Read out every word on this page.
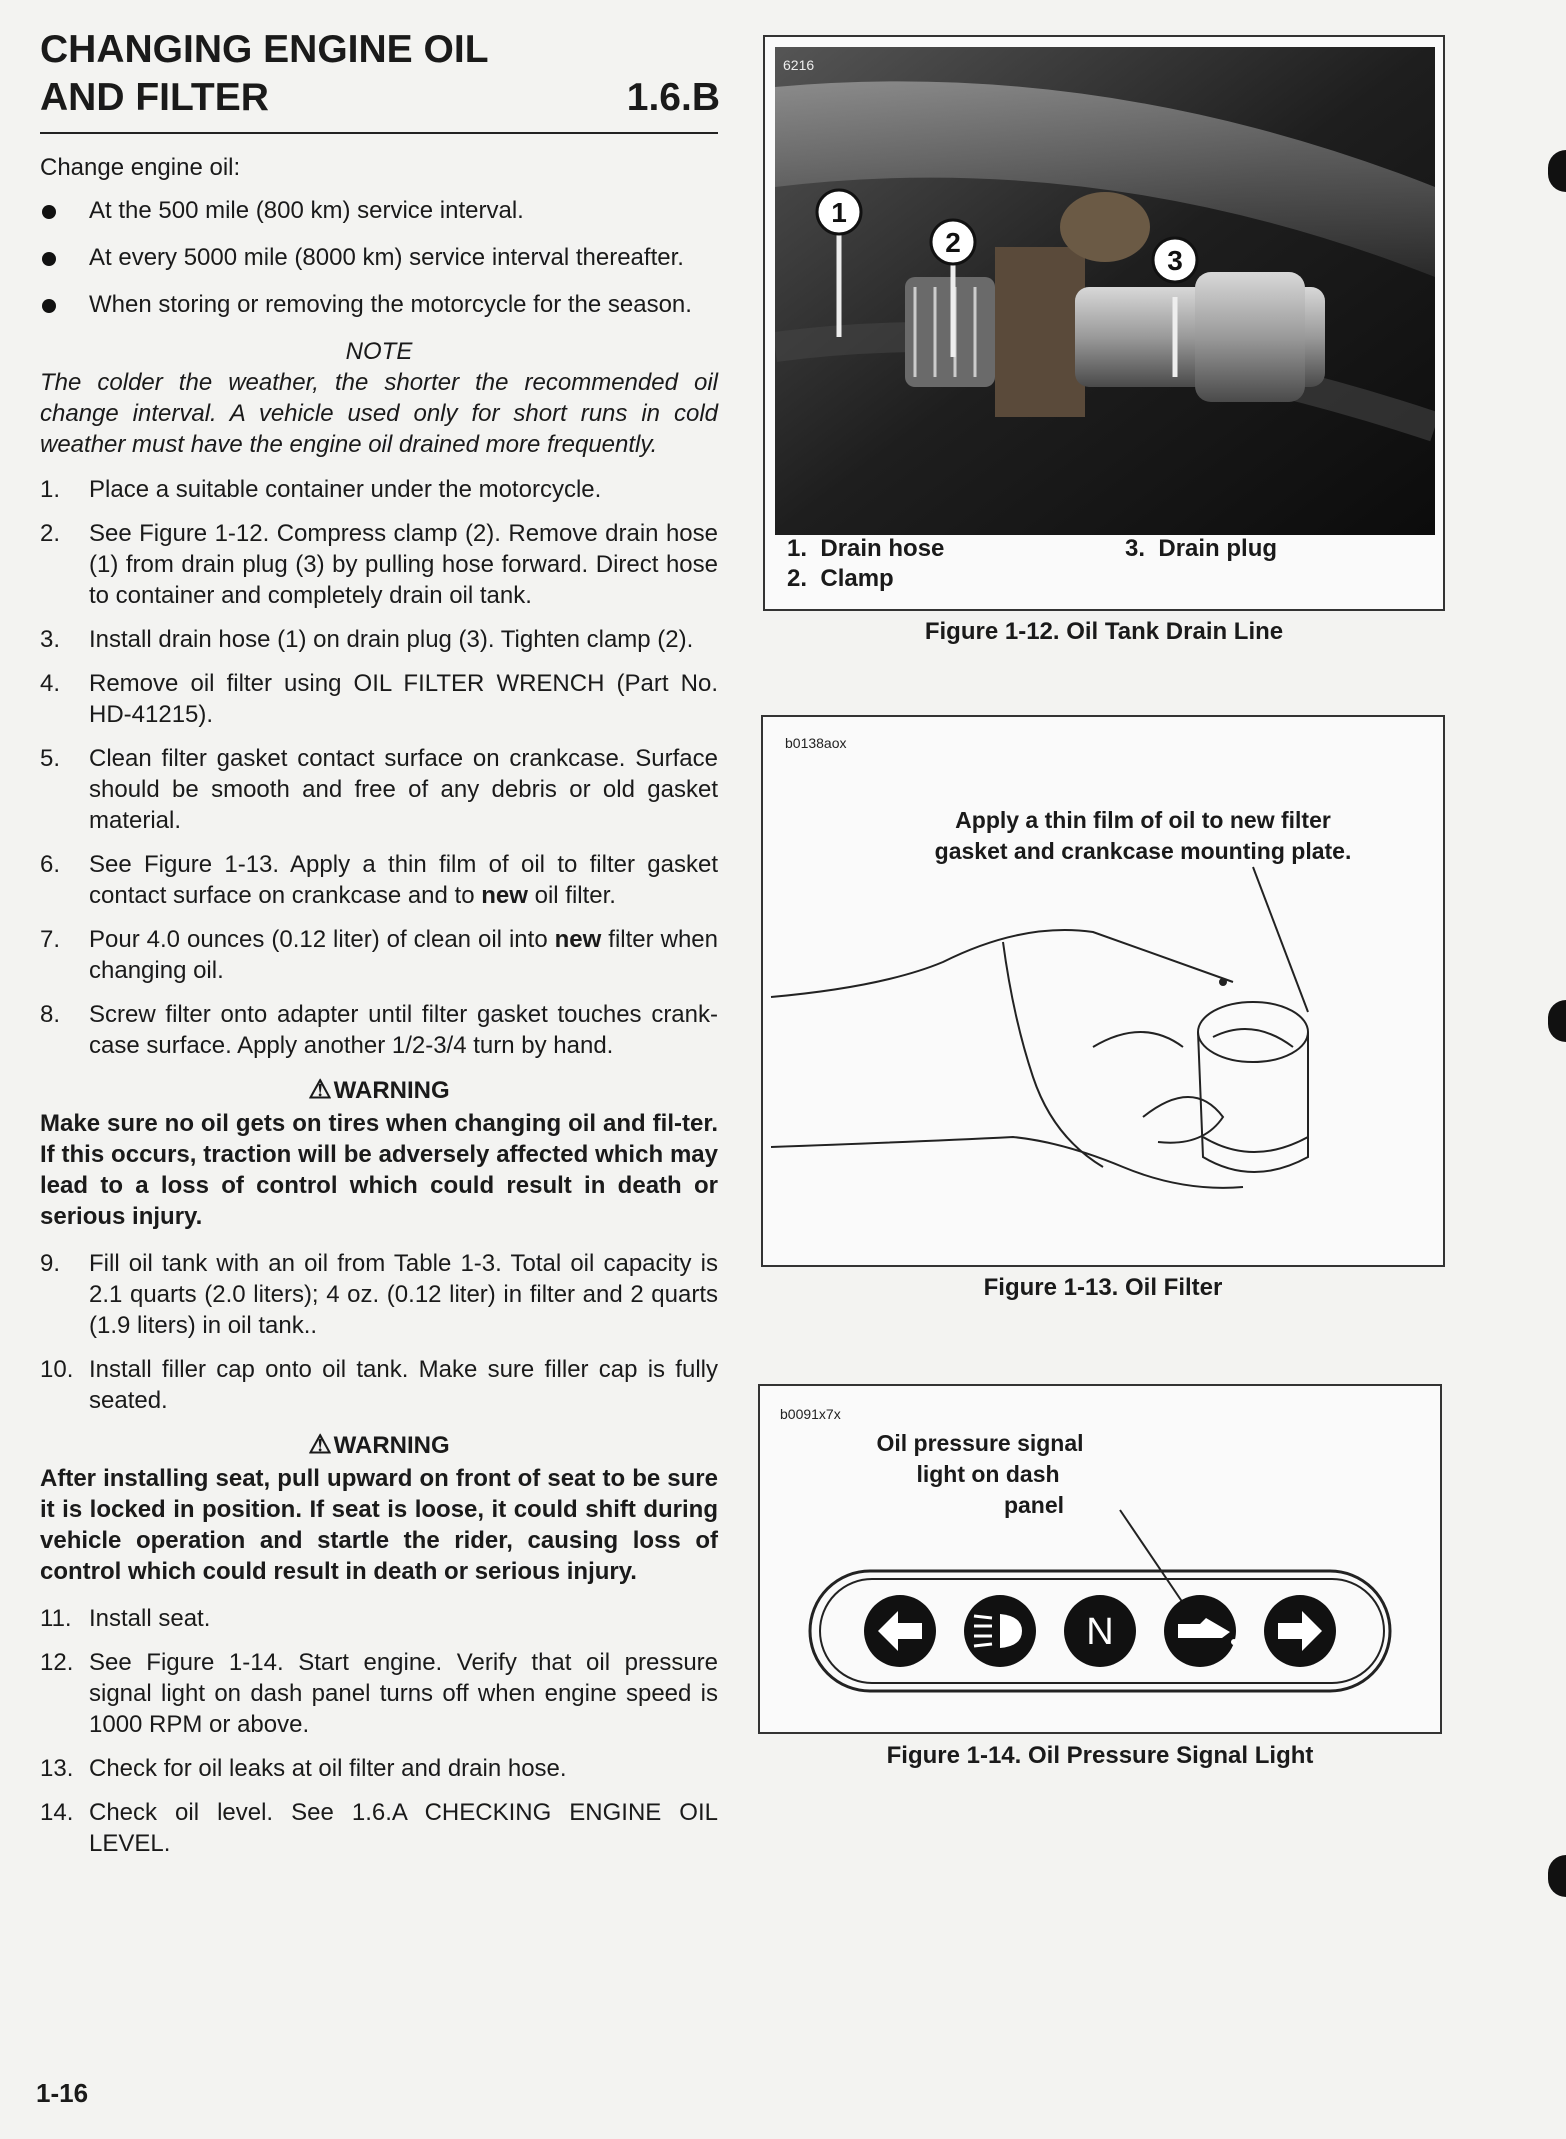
CHANGING ENGINE OIL
AND FILTER	1.6.B

Change engine oil:

At the 500 mile (800 km) service interval.
At every 5000 mile (8000 km) service interval thereafter.
When storing or removing the motorcycle for the season.

NOTE

The colder the weather, the shorter the recommended oil change interval. A vehicle used only for short runs in cold weather must have the engine oil drained more frequently.

1. Place a suitable container under the motorcycle.
2. See Figure 1-12. Compress clamp (2). Remove drain hose (1) from drain plug (3) by pulling hose forward. Direct hose to container and completely drain oil tank.
3. Install drain hose (1) on drain plug (3). Tighten clamp (2).
4. Remove oil filter using OIL FILTER WRENCH (Part No. HD-41215).
5. Clean filter gasket contact surface on crankcase. Surface should be smooth and free of any debris or old gasket material.
6. See Figure 1-13. Apply a thin film of oil to filter gasket contact surface on crankcase and to new oil filter.
7. Pour 4.0 ounces (0.12 liter) of clean oil into new filter when changing oil.
8. Screw filter onto adapter until filter gasket touches crank-case surface. Apply another 1/2-3/4 turn by hand.

⚠WARNING

Make sure no oil gets on tires when changing oil and fil-ter. If this occurs, traction will be adversely affected which may lead to a loss of control which could result in death or serious injury.

9. Fill oil tank with an oil from Table 1-3. Total oil capacity is 2.1 quarts (2.0 liters); 4 oz. (0.12 liter) in filter and 2 quarts (1.9 liters) in oil tank..
10. Install filler cap onto oil tank. Make sure filler cap is fully seated.

⚠WARNING

After installing seat, pull upward on front of seat to be sure it is locked in position. If seat is loose, it could shift during vehicle operation and startle the rider, causing loss of control which could result in death or serious injury.

11. Install seat.
12. See Figure 1-14. Start engine. Verify that oil pressure signal light on dash panel turns off when engine speed is 1000 RPM or above.
13. Check for oil leaks at oil filter and drain hose.
14. Check oil level. See 1.6.A CHECKING ENGINE OIL LEVEL.
1-16
1
2
3
6216
1. Drain hose
2. Clamp
3. Drain plug
Figure 1-12. Oil Tank Drain Line
b0138aox
Apply a thin film of oil to new filter
gasket and crankcase mounting plate.
Figure 1-13. Oil Filter
b0091x7x
Oil pressure signal
light on dash
panel
N
Figure 1-14. Oil Pressure Signal Light
